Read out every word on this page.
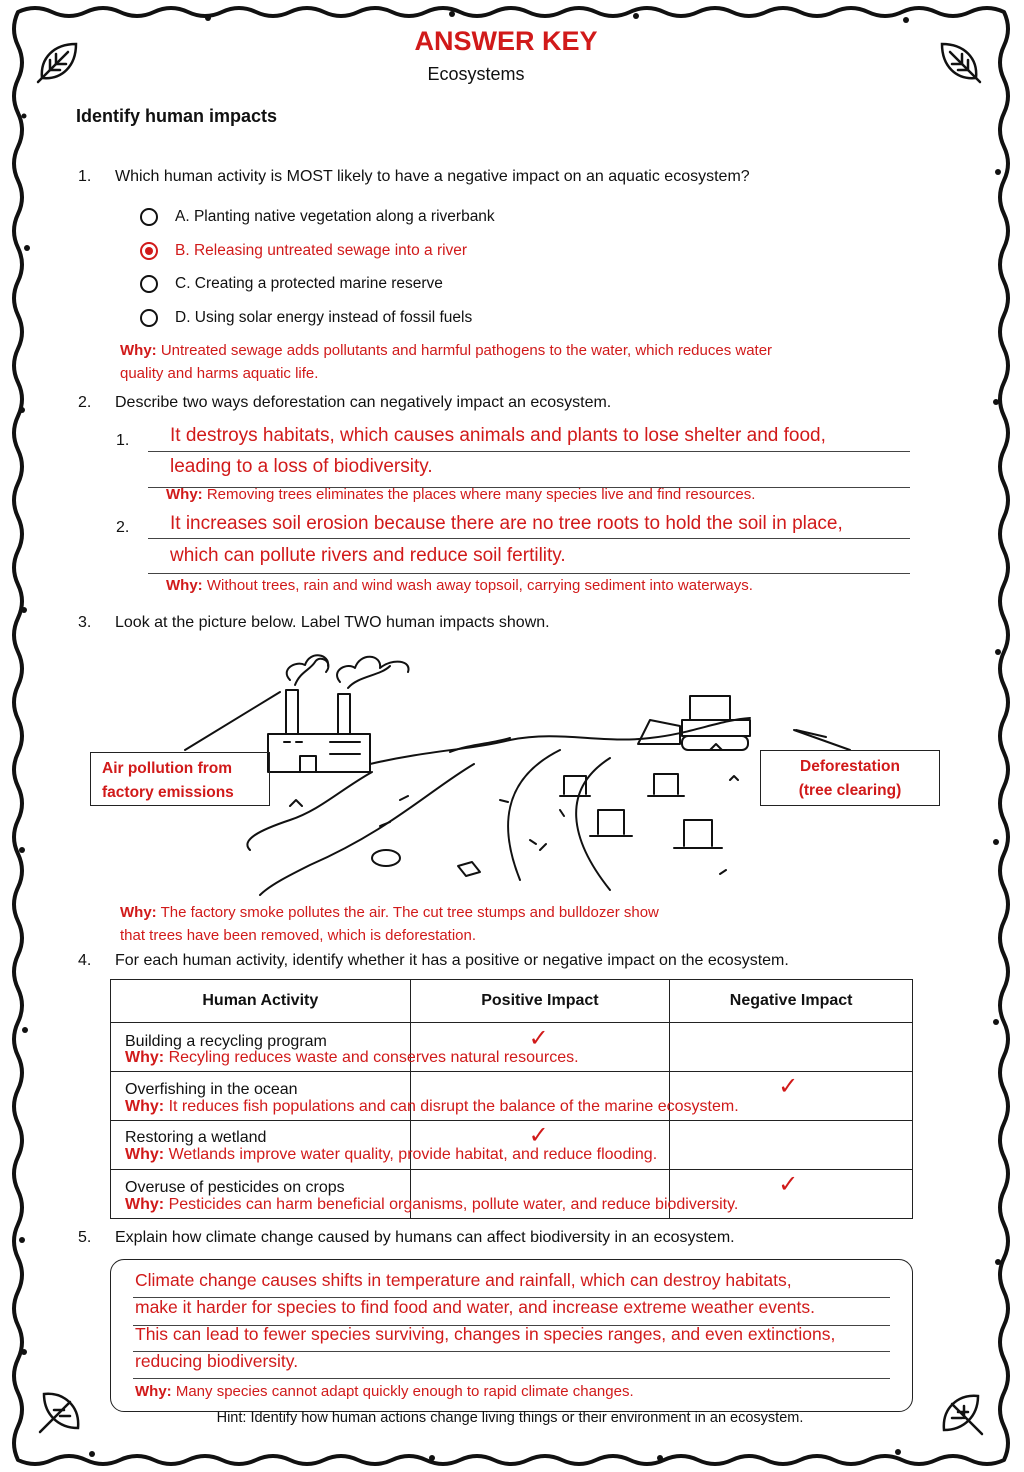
ANSWER KEY
Ecosystems
Identify human impacts
1. Which human activity is MOST likely to have a negative impact on an aquatic ecosystem?
A. Planting native vegetation along a riverbank
B. Releasing untreated sewage into a river
C. Creating a protected marine reserve
D. Using solar energy instead of fossil fuels
Why: Untreated sewage adds pollutants and harmful pathogens to the water, which reduces water
quality and harms aquatic life.
2. Describe two ways deforestation can negatively impact an ecosystem.
1. It destroys habitats, which causes animals and plants to lose shelter and food,
leading to a loss of biodiversity.
Why: Removing trees eliminates the places where many species live and find resources.
2. It increases soil erosion because there are no tree roots to hold the soil in place,
which can pollute rivers and reduce soil fertility.
Why: Without trees, rain and wind wash away topsoil, carrying sediment into waterways.
3. Look at the picture below. Label TWO human impacts shown.
Air pollution from
factory emissions
Deforestation
(tree clearing)
Why: The factory smoke pollutes the air. The cut tree stumps and bulldozer show
that trees have been removed, which is deforestation.
4. For each human activity, identify whether it has a positive or negative impact on the ecosystem.
Human Activity	Positive Impact	Negative Impact

Building a recycling program
Why: Recyling reduces waste and conserves natural resources.	✓	

Overfishing in the ocean
Why: It reduces fish populations and can disrupt the balance of the marine ecosystem.		✓

Restoring a wetland
Why: Wetlands improve water quality, provide habitat, and reduce flooding.	✓	

Overuse of pesticides on crops
Why: Pesticides can harm beneficial organisms, pollute water, and reduce biodiversity.		✓
5. Explain how climate change caused by humans can affect biodiversity in an ecosystem.
Climate change causes shifts in temperature and rainfall, which can destroy habitats,
make it harder for species to find food and water, and increase extreme weather events.
This can lead to fewer species surviving, changes in species ranges, and even extinctions,
reducing biodiversity.
Why: Many species cannot adapt quickly enough to rapid climate changes.
Hint: Identify how human actions change living things or their environment in an ecosystem.
